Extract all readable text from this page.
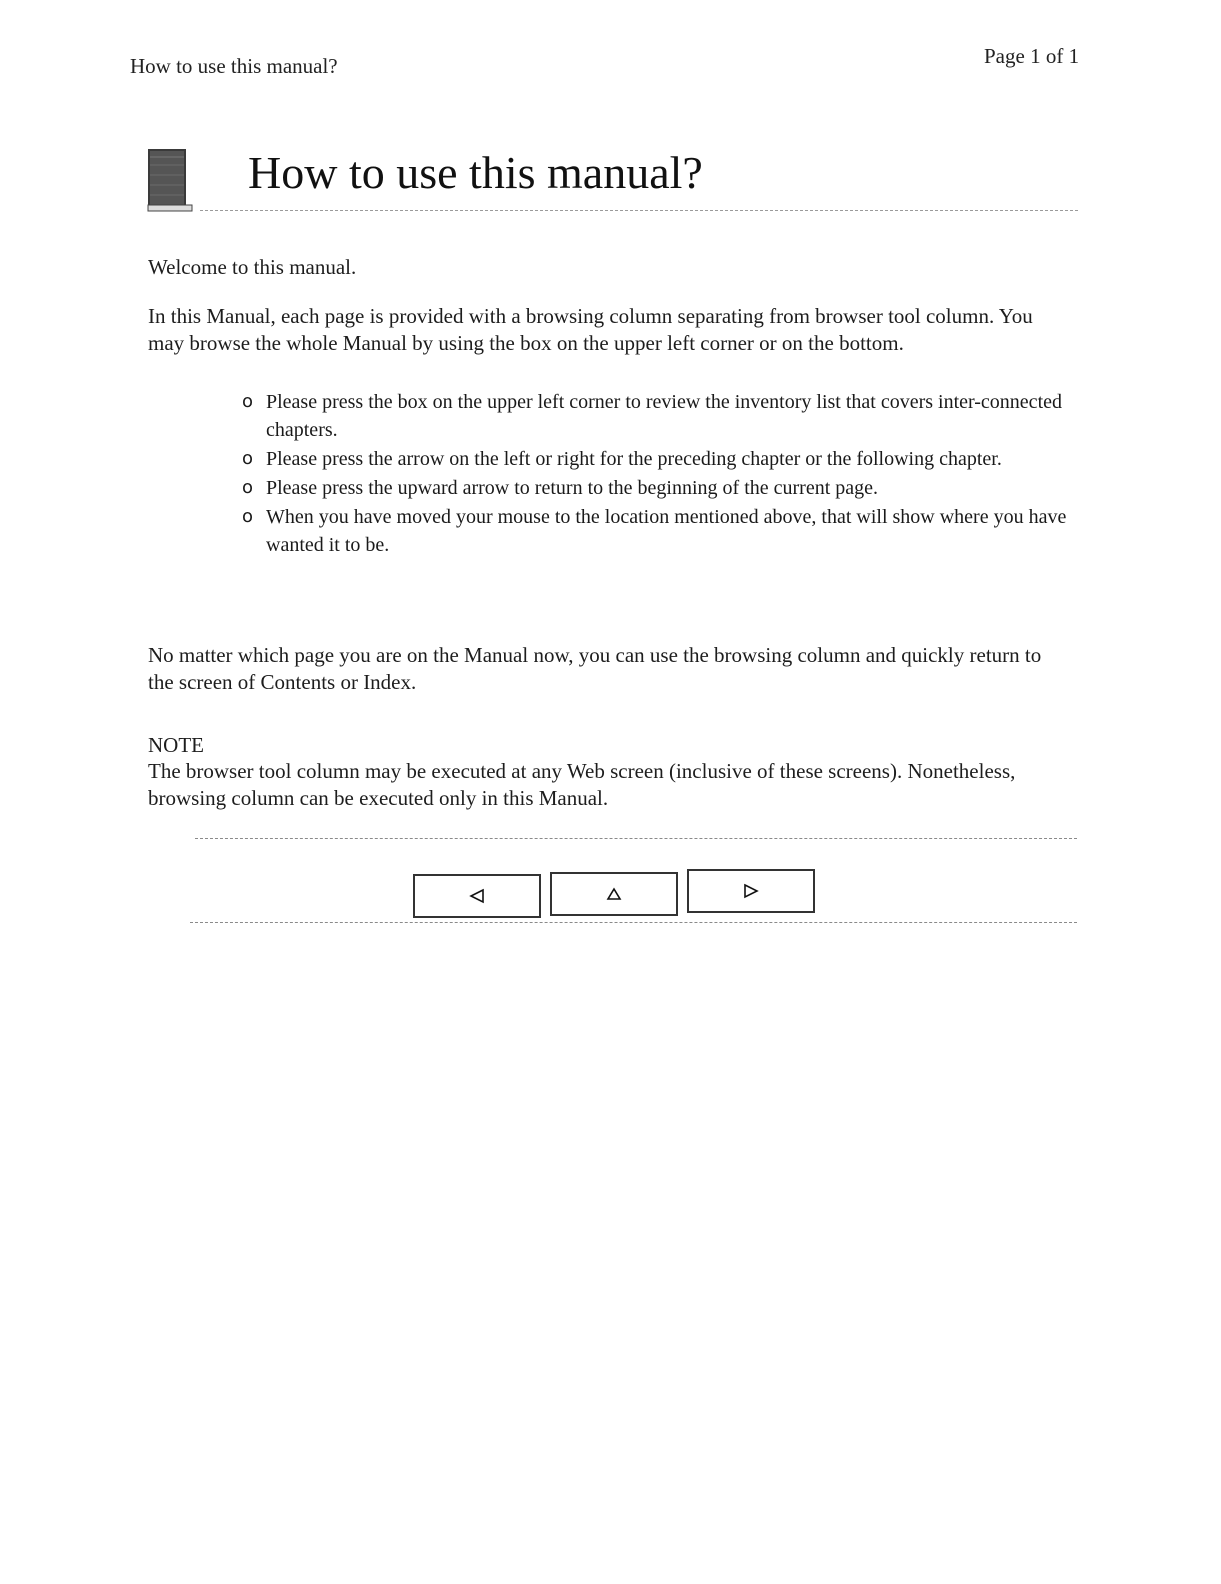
How to use this manual?	Page 1 of 1
How to use this manual?

Welcome to this manual.

In this Manual, each page is provided with a browsing column separating from browser tool column. You may browse the whole Manual by using the box on the upper left corner or on the bottom.

o Please press the box on the upper left corner to review the inventory list that covers inter-connected chapters.
o Please press the arrow on the left or right for the preceding chapter or the following chapter.
o Please press the upward arrow to return to the beginning of the current page.
o When you have moved your mouse to the location mentioned above, that will show where you have wanted it to be.

No matter which page you are on the Manual now, you can use the browsing column and quickly return to the screen of Contents or Index.

NOTE

The browser tool column may be executed at any Web screen (inclusive of these screens). Nonetheless, browsing column can be executed only in this Manual.
